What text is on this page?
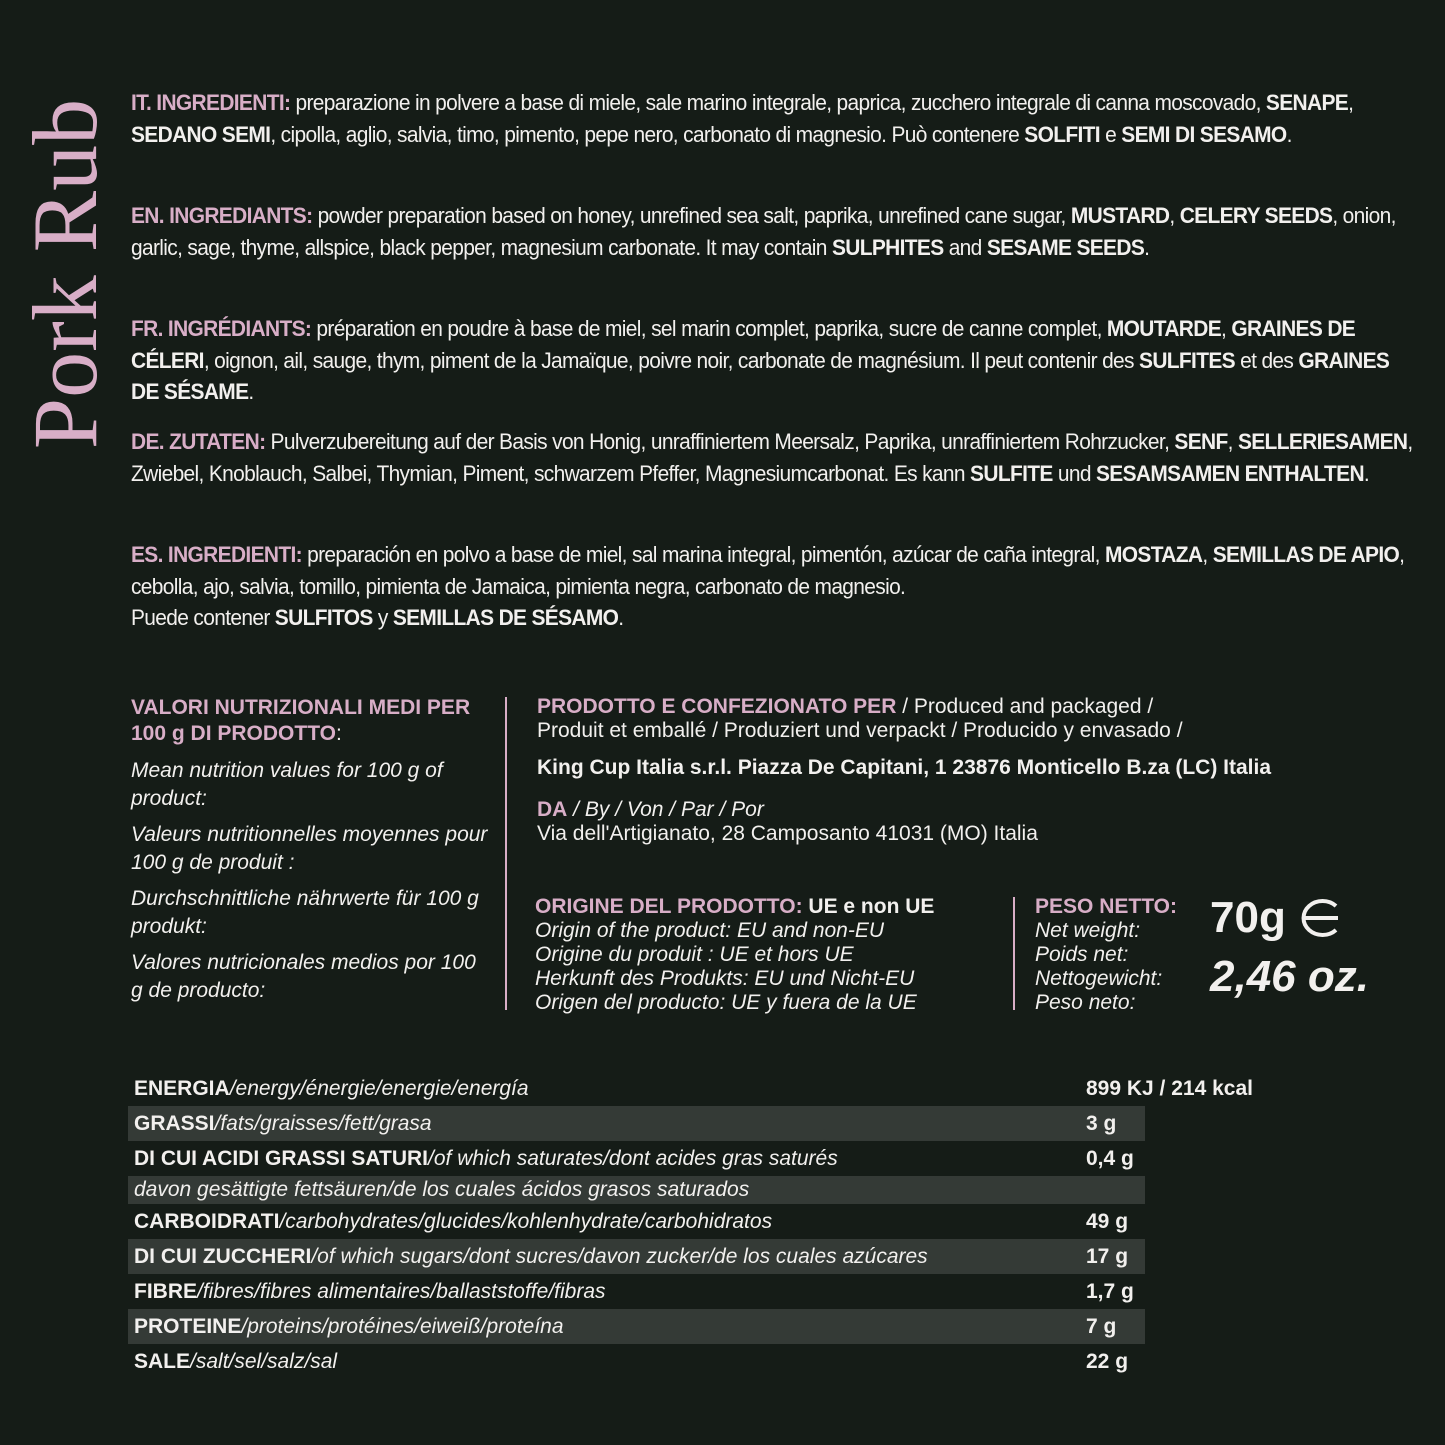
Pork Rub IT. INGREDIENTI: preparazione in polvere a base di miele, sale marino integrale, paprica, zucchero integrale di canna moscovado, SENAPE, SEDANO SEMI, cipolla, aglio, salvia, timo, pimento, pepe nero, carbonato di magnesio. Può contenere SOLFITI e SEMI DI SESAMO.

EN. INGREDIANTS: powder preparation based on honey, unrefined sea salt, paprika, unrefined cane sugar, MUSTARD, CELERY SEEDS, onion, garlic, sage, thyme, allspice, black pepper, magnesium carbonate. It may contain SULPHITES and SESAME SEEDS.

FR. INGRÉDIANTS: préparation en poudre à base de miel, sel marin complet, paprika, sucre de canne complet, MOUTARDE, GRAINES DE CÉLERI, oignon, ail, sauge, thym, piment de la Jamaïque, poivre noir, carbonate de magnésium. Il peut contenir des SULFITES et des GRAINES DE SÉSAME.

DE. ZUTATEN: Pulverzubereitung auf der Basis von Honig, unraffiniertem Meersalz, Paprika, unraffiniertem Rohrzucker, SENF, SELLERIESAMEN, Zwiebel, Knoblauch, Salbei, Thymian, Piment, schwarzem Pfeffer, Magnesiumcarbonat. Es kann SULFITE und SESAMSAMEN ENTHALTEN.

ES. INGREDIENTI: preparación en polvo a base de miel, sal marina integral, pimentón, azúcar de caña integral, MOSTAZA, SEMILLAS DE APIO, cebolla, ajo, salvia, tomillo, pimienta de Jamaica, pimienta negra, carbonato de magnesio.

Puede contener SULFITOS y SEMILLAS DE SÉSAMO.

VALORI NUTRIZIONALI MEDI PER 100 g DI PRODOTTO:
Mean nutrition values for 100 g of product:
Valeurs nutritionnelles moyennes pour 100 g de produit :
Durchschnittliche nährwerte für 100 g produkt:
Valores nutricionales medios por 100 g de producto:
PRODOTTO E CONFEZIONATO PER / Produced and packaged /
Produit et emballé / Produziert und verpackt / Producido y envasado /
King Cup Italia s.r.l. Piazza De Capitani, 1 23876 Monticello B.za (LC) Italia
DA / By / Von / Par / Por
Via dell'Artigianato, 28 Camposanto 41031 (MO) Italia
ORIGINE DEL PRODOTTO: UE e non UE
Origin of the product: EU and non-EU
Origine du produit : UE et hors UE
Herkunft des Produkts: EU und Nicht-EU
Origen del producto: UE y fuera de la UE
PESO NETTO:
Net weight:
Poids net:
Nettogewicht:
Peso neto:
70g
2,46 oz.
ENERGIA/energy/énergie/energie/energía	899 KJ / 214 kcal
GRASSI/fats/graisses/fett/grasa	3 g
DI CUI ACIDI GRASSI SATURI/of which saturates/dont acides gras saturés	0,4 g
davon gesättigte fettsäuren/de los cuales ácidos grasos saturados
CARBOIDRATI/carbohydrates/glucides/kohlenhydrate/carbohidratos	49 g
DI CUI ZUCCHERI/of which sugars/dont sucres/davon zucker/de los cuales azúcares	17 g
FIBRE/fibres/fibres alimentaires/ballaststoffe/fibras	1,7 g
PROTEINE/proteins/protéines/eiweiß/proteína	7 g
SALE/salt/sel/salz/sal	22 g
